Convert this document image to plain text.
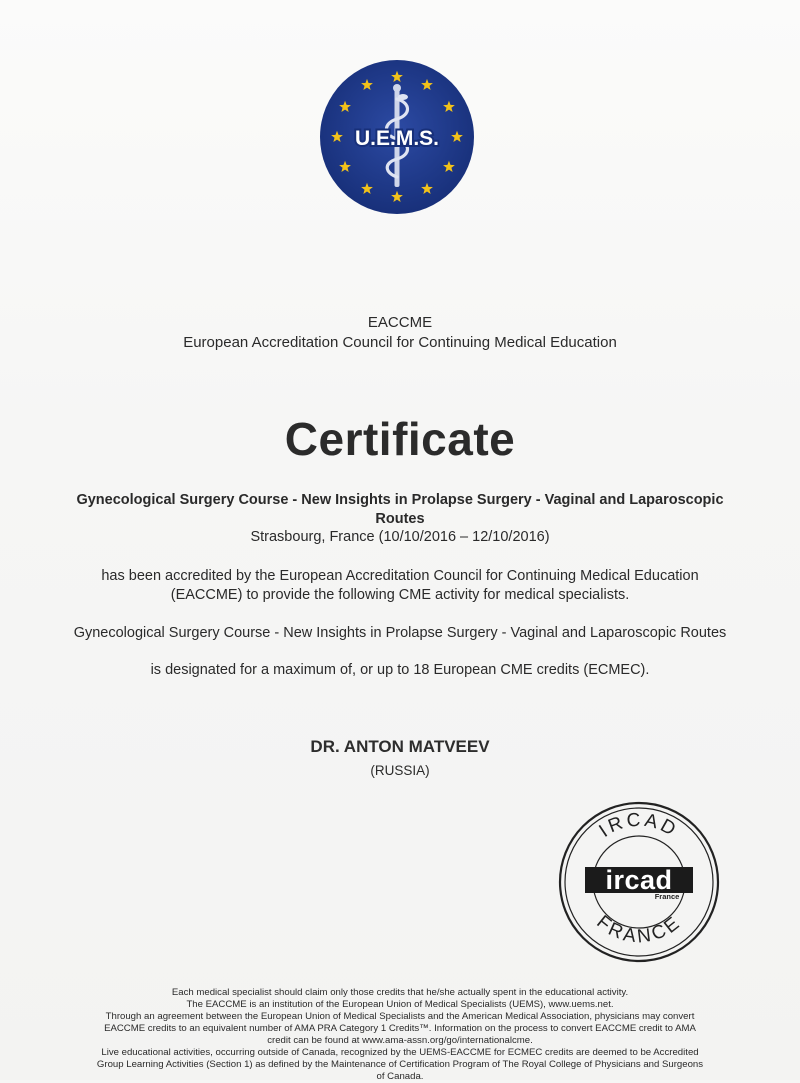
U.E.M.S.
EACCME
European Accreditation Council for Continuing Medical Education
Certificate
Gynecological Surgery Course - New Insights in Prolapse Surgery - Vaginal and Laparoscopic Routes
Strasbourg, France (10/10/2016 – 12/10/2016)
has been accredited by the European Accreditation Council for Continuing Medical Education
(EACCME) to provide the following CME activity for medical specialists.
Gynecological Surgery Course - New Insights in Prolapse Surgery - Vaginal and Laparoscopic Routes
is designated for a maximum of, or up to 18 European CME credits (ECMEC).
DR. ANTON MATVEEV
(RUSSIA)
IRCAD
FRANCE
ircad
France
Each medical specialist should claim only those credits that he/she actually spent in the educational activity.
The EACCME is an institution of the European Union of Medical Specialists (UEMS), www.uems.net.
Through an agreement between the European Union of Medical Specialists and the American Medical Association, physicians may convert
EACCME credits to an equivalent number of AMA PRA Category 1 Credits™. Information on the process to convert EACCME credit to AMA
credit can be found at www.ama-assn.org/go/internationalcme.
Live educational activities, occurring outside of Canada, recognized by the UEMS-EACCME for ECMEC credits are deemed to be Accredited
Group Learning Activities (Section 1) as defined by the Maintenance of Certification Program of The Royal College of Physicians and Surgeons
of Canada.
